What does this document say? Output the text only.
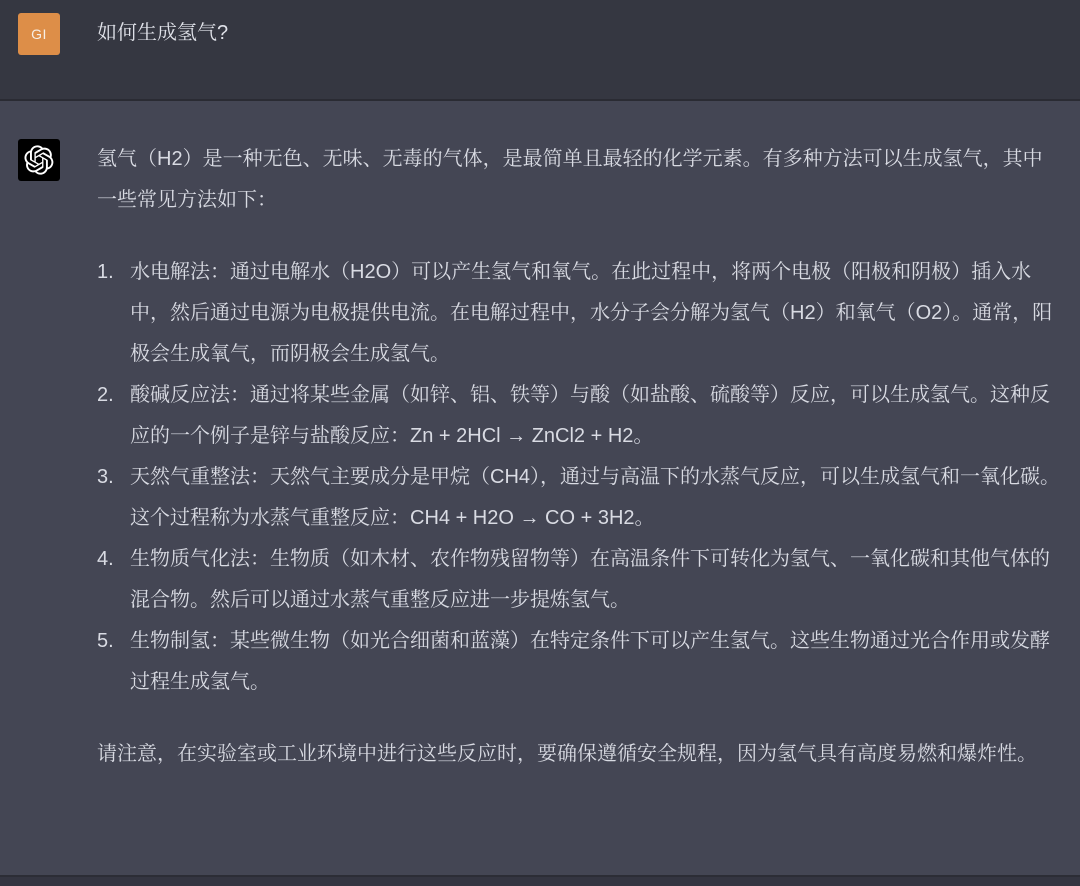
GI	如何生成氢气?

氢气（H2）是一种无色、无味、无毒的气体，是最简单且最轻的化学元素。有多种方法可以生成氢气，其中一些常见方法如下：

1. 水电解法：通过电解水（H2O）可以产生氢气和氧气。在此过程中，将两个电极（阳极和阴极）插入水中，然后通过电源为电极提供电流。在电解过程中，水分子会分解为氢气（H2）和氧气（O2）。通常，阳极会生成氧气，而阴极会生成氢气。
2. 酸碱反应法：通过将某些金属（如锌、铝、铁等）与酸（如盐酸、硫酸等）反应，可以生成氢气。这种反应的一个例子是锌与盐酸反应：Zn + 2HCl → ZnCl2 + H2。
3. 天然气重整法：天然气主要成分是甲烷（CH4），通过与高温下的水蒸气反应，可以生成氢气和一氧化碳。这个过程称为水蒸气重整反应：CH4 + H2O → CO + 3H2。
4. 生物质气化法：生物质（如木材、农作物残留物等）在高温条件下可转化为氢气、一氧化碳和其他气体的混合物。然后可以通过水蒸气重整反应进一步提炼氢气。
5. 生物制氢：某些微生物（如光合细菌和蓝藻）在特定条件下可以产生氢气。这些生物通过光合作用或发酵过程生成氢气。

请注意，在实验室或工业环境中进行这些反应时，要确保遵循安全规程，因为氢气具有高度易燃和爆炸性。
